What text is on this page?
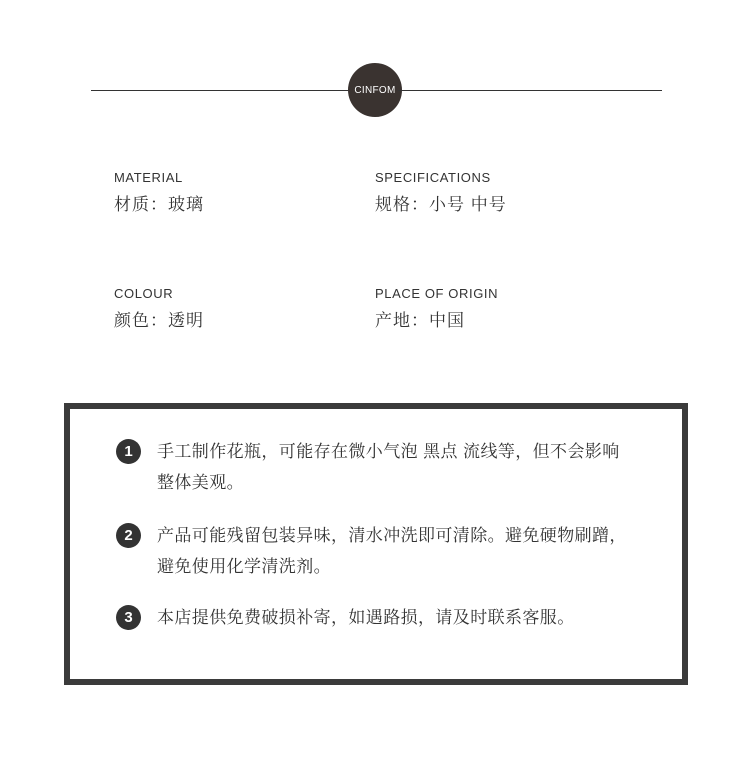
CINFOM
MATERIAL
材质：玻璃
SPECIFICATIONS
规格：小号 中号
COLOUR
颜色：透明
PLACE OF ORIGIN
产地：中国
1	手工制作花瓶，可能存在微小气泡 黑点 流线等，但不会影响整体美观。
2	产品可能残留包装异味，清水冲洗即可清除。避免硬物刷蹭，避免使用化学清洗剂。
3	本店提供免费破损补寄，如遇路损，请及时联系客服。
